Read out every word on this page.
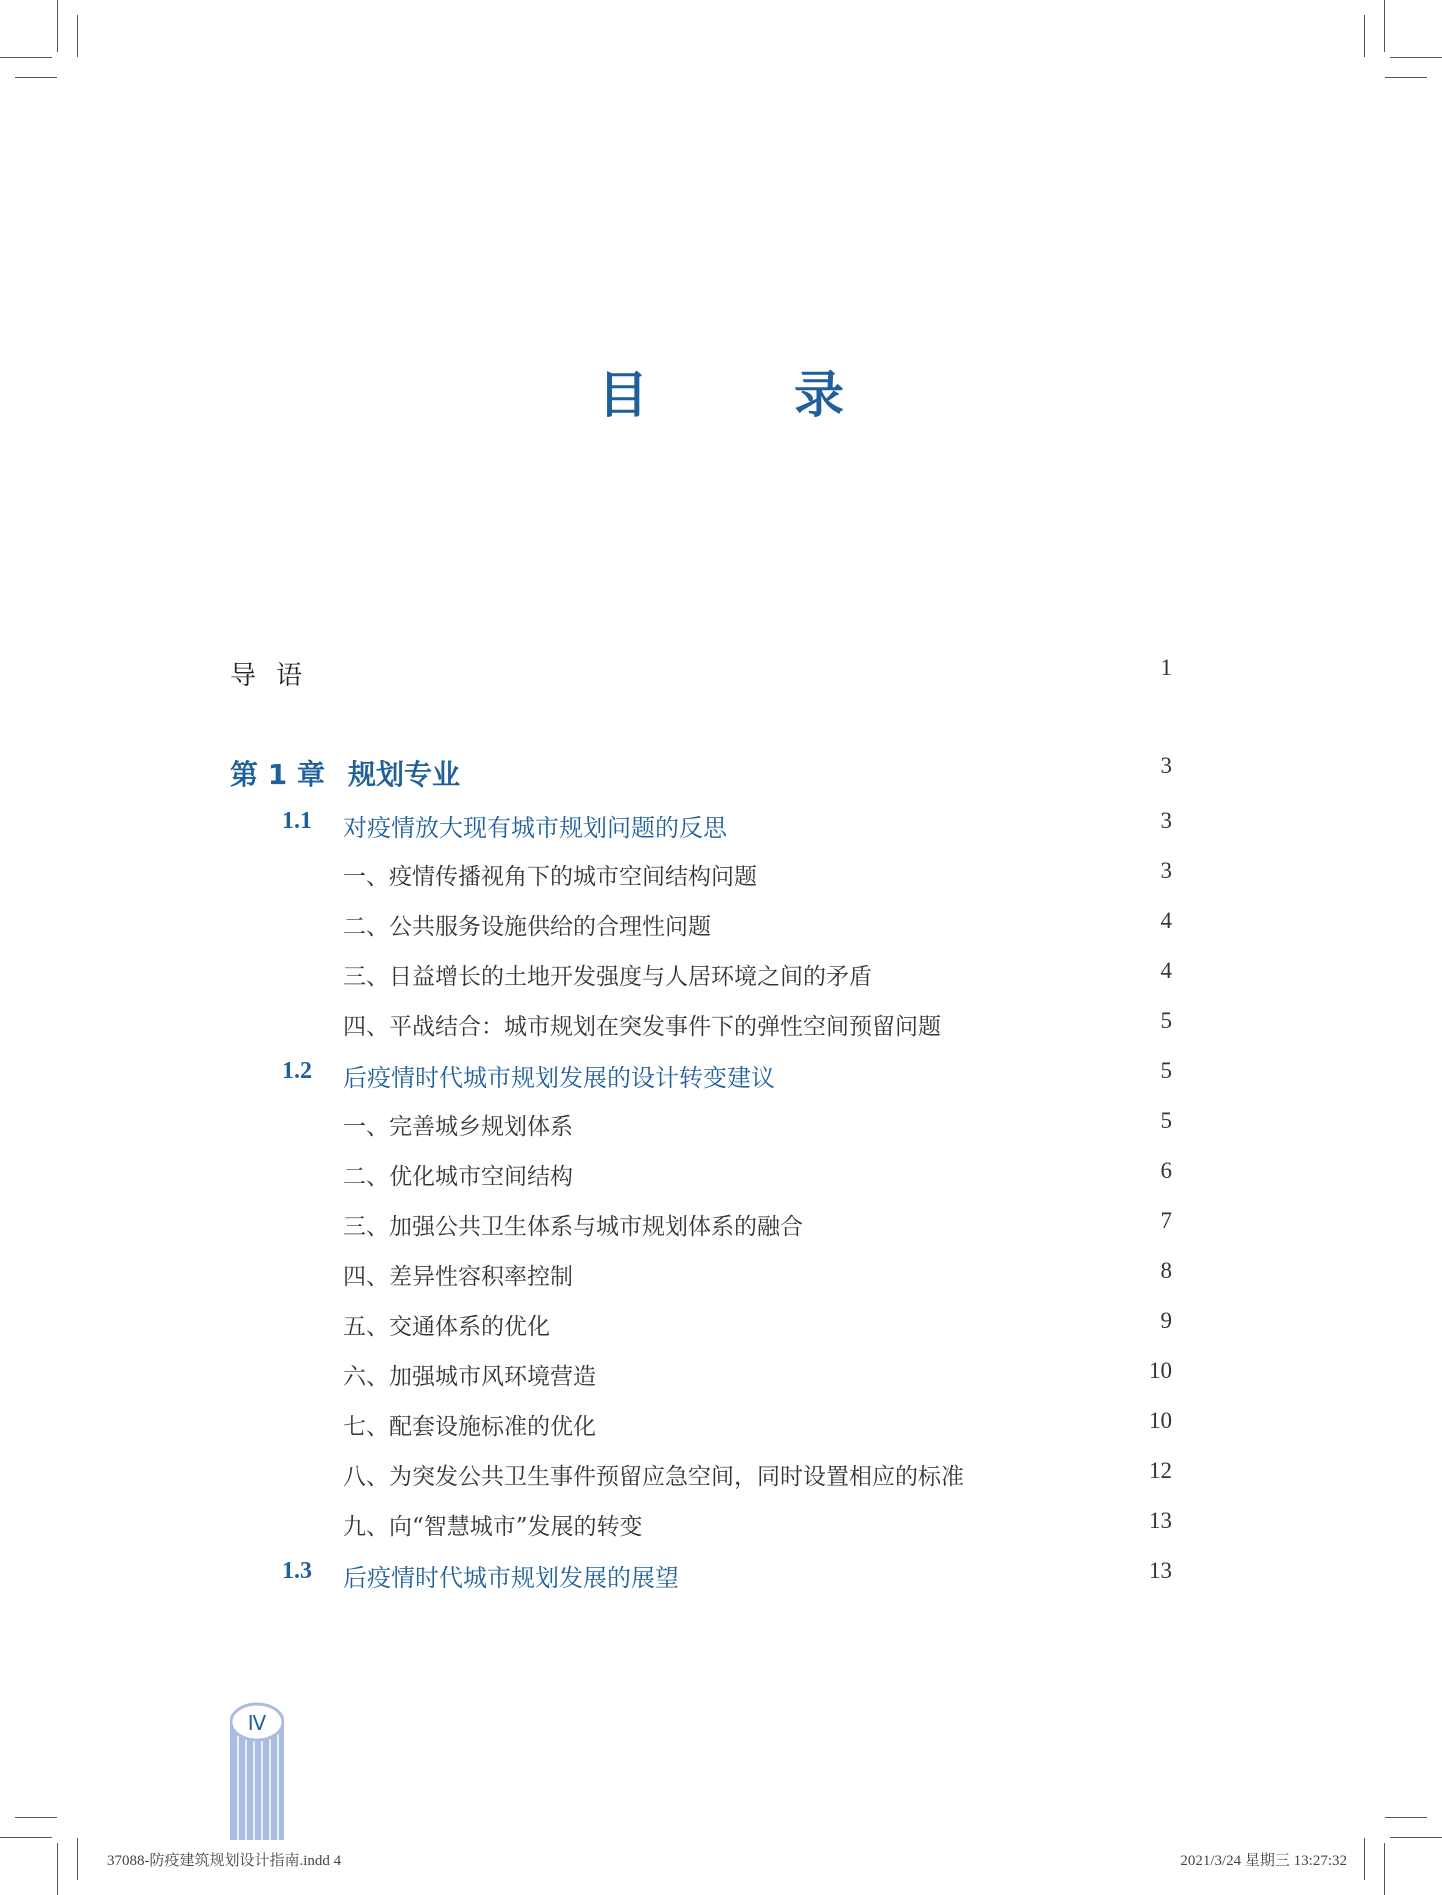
目　录
导语	1
第 1 章 规划专业	3
1.1 对疫情放大现有城市规划问题的反思	3
一、疫情传播视角下的城市空间结构问题	3
二、公共服务设施供给的合理性问题	4
三、日益增长的土地开发强度与人居环境之间的矛盾	4
四、平战结合：城市规划在突发事件下的弹性空间预留问题	5
1.2 后疫情时代城市规划发展的设计转变建议	5
一、完善城乡规划体系	5
二、优化城市空间结构	6
三、加强公共卫生体系与城市规划体系的融合	7
四、差异性容积率控制	8
五、交通体系的优化	9
六、加强城市风环境营造	10
七、配套设施标准的优化	10
八、为突发公共卫生事件预留应急空间，同时设置相应的标准	12
九、向“智慧城市”发展的转变	13
1.3 后疫情时代城市规划发展的展望	13
Ⅳ
37088-防疫建筑规划设计指南.indd 4	2021/3/24 星期三 13:27:32
